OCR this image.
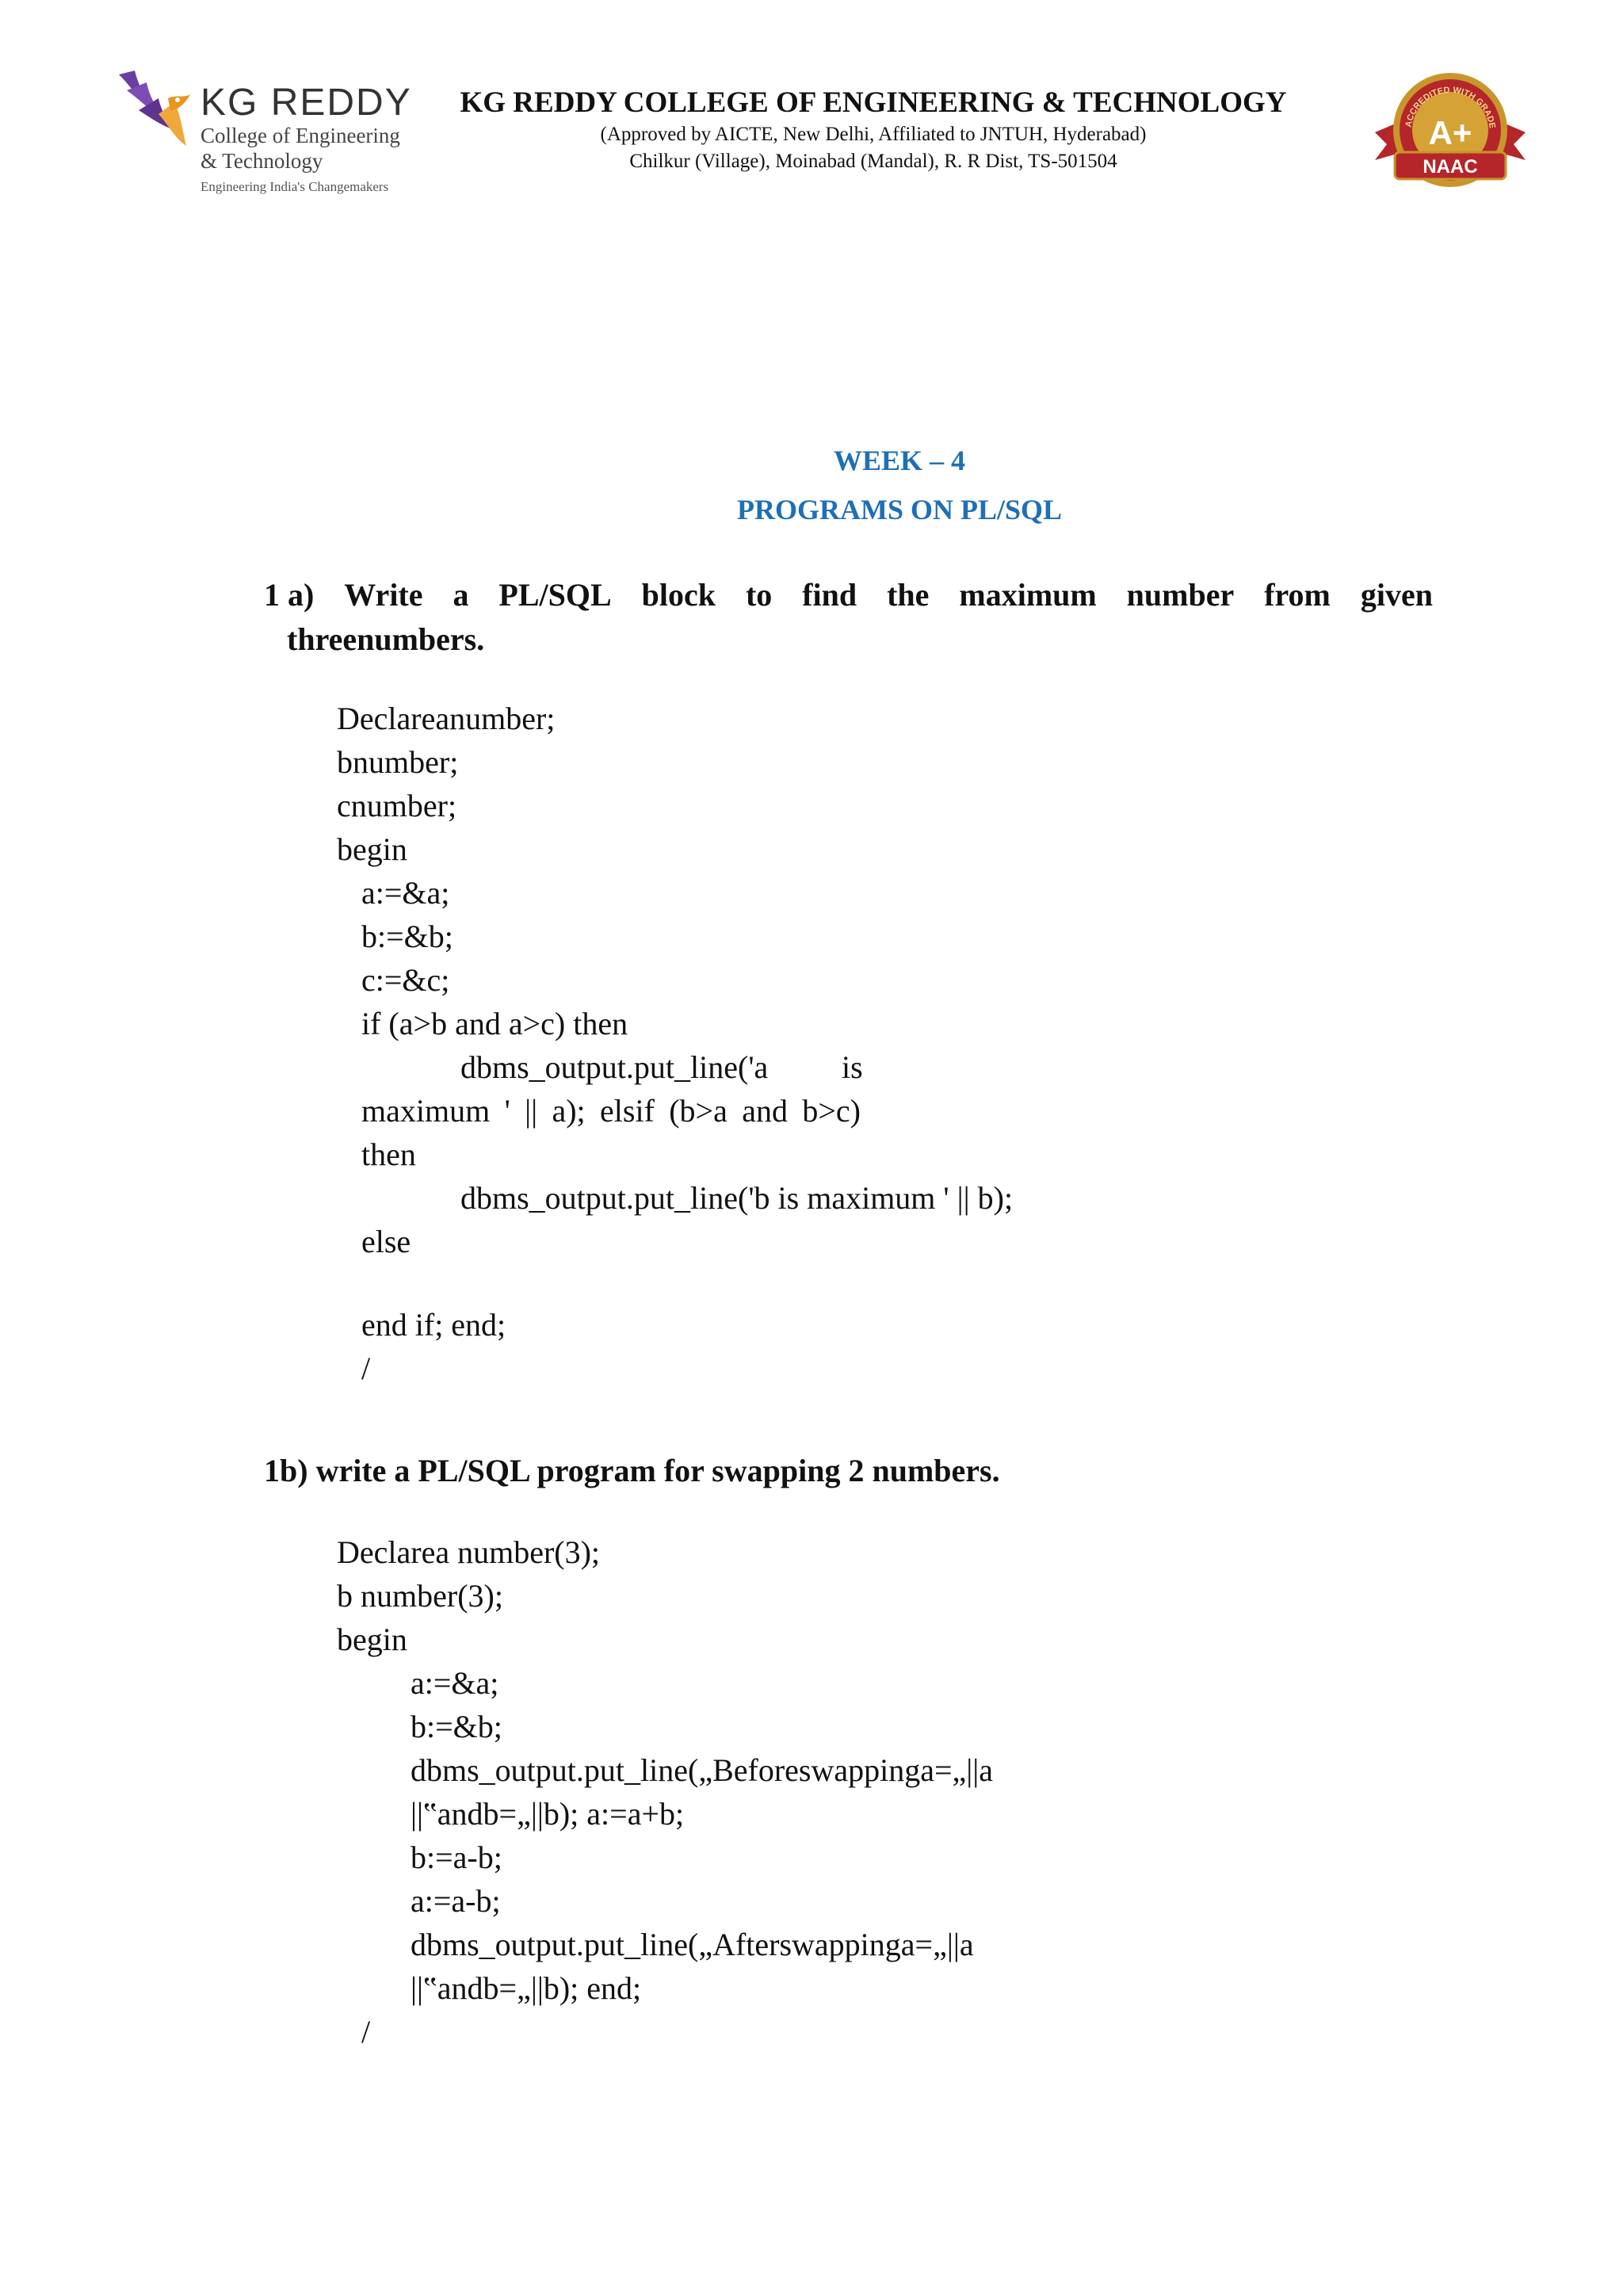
KG REDDY
College of Engineering
& Technology
Engineering India's Changemakers
KG REDDY COLLEGE OF ENGINEERING & TECHNOLOGY
(Approved by AICTE, New Delhi, Affiliated to JNTUH, Hyderabad)
Chilkur (Village), Moinabad (Mandal), R. R Dist, TS-501504
ACCREDITED WITH GRADE
A+
NAAC
WEEK – 4
PROGRAMS ON PL/SQL
1 a) Write a PL/SQL block to find the maximum number from given
threenumbers.
Declareanumber;
bnumber;
cnumber;
begin
a:=&a;
b:=&b;
c:=&c;
if (a>b and a>c) then
dbms_output.put_line('a is
maximum ' || a); elsif (b>a and b>c)
then
dbms_output.put_line('b is maximum ' || b);
else
end if; end;
/
1b) write a PL/SQL program for swapping 2 numbers.
Declarea number(3);
b number(3);
begin
a:=&a;
b:=&b;
dbms_output.put_line(„Beforeswappinga=„||a
||‟andb=„||b); a:=a+b;
b:=a-b;
a:=a-b;
dbms_output.put_line(„Afterswappinga=„||a
||‟andb=„||b); end;
/
